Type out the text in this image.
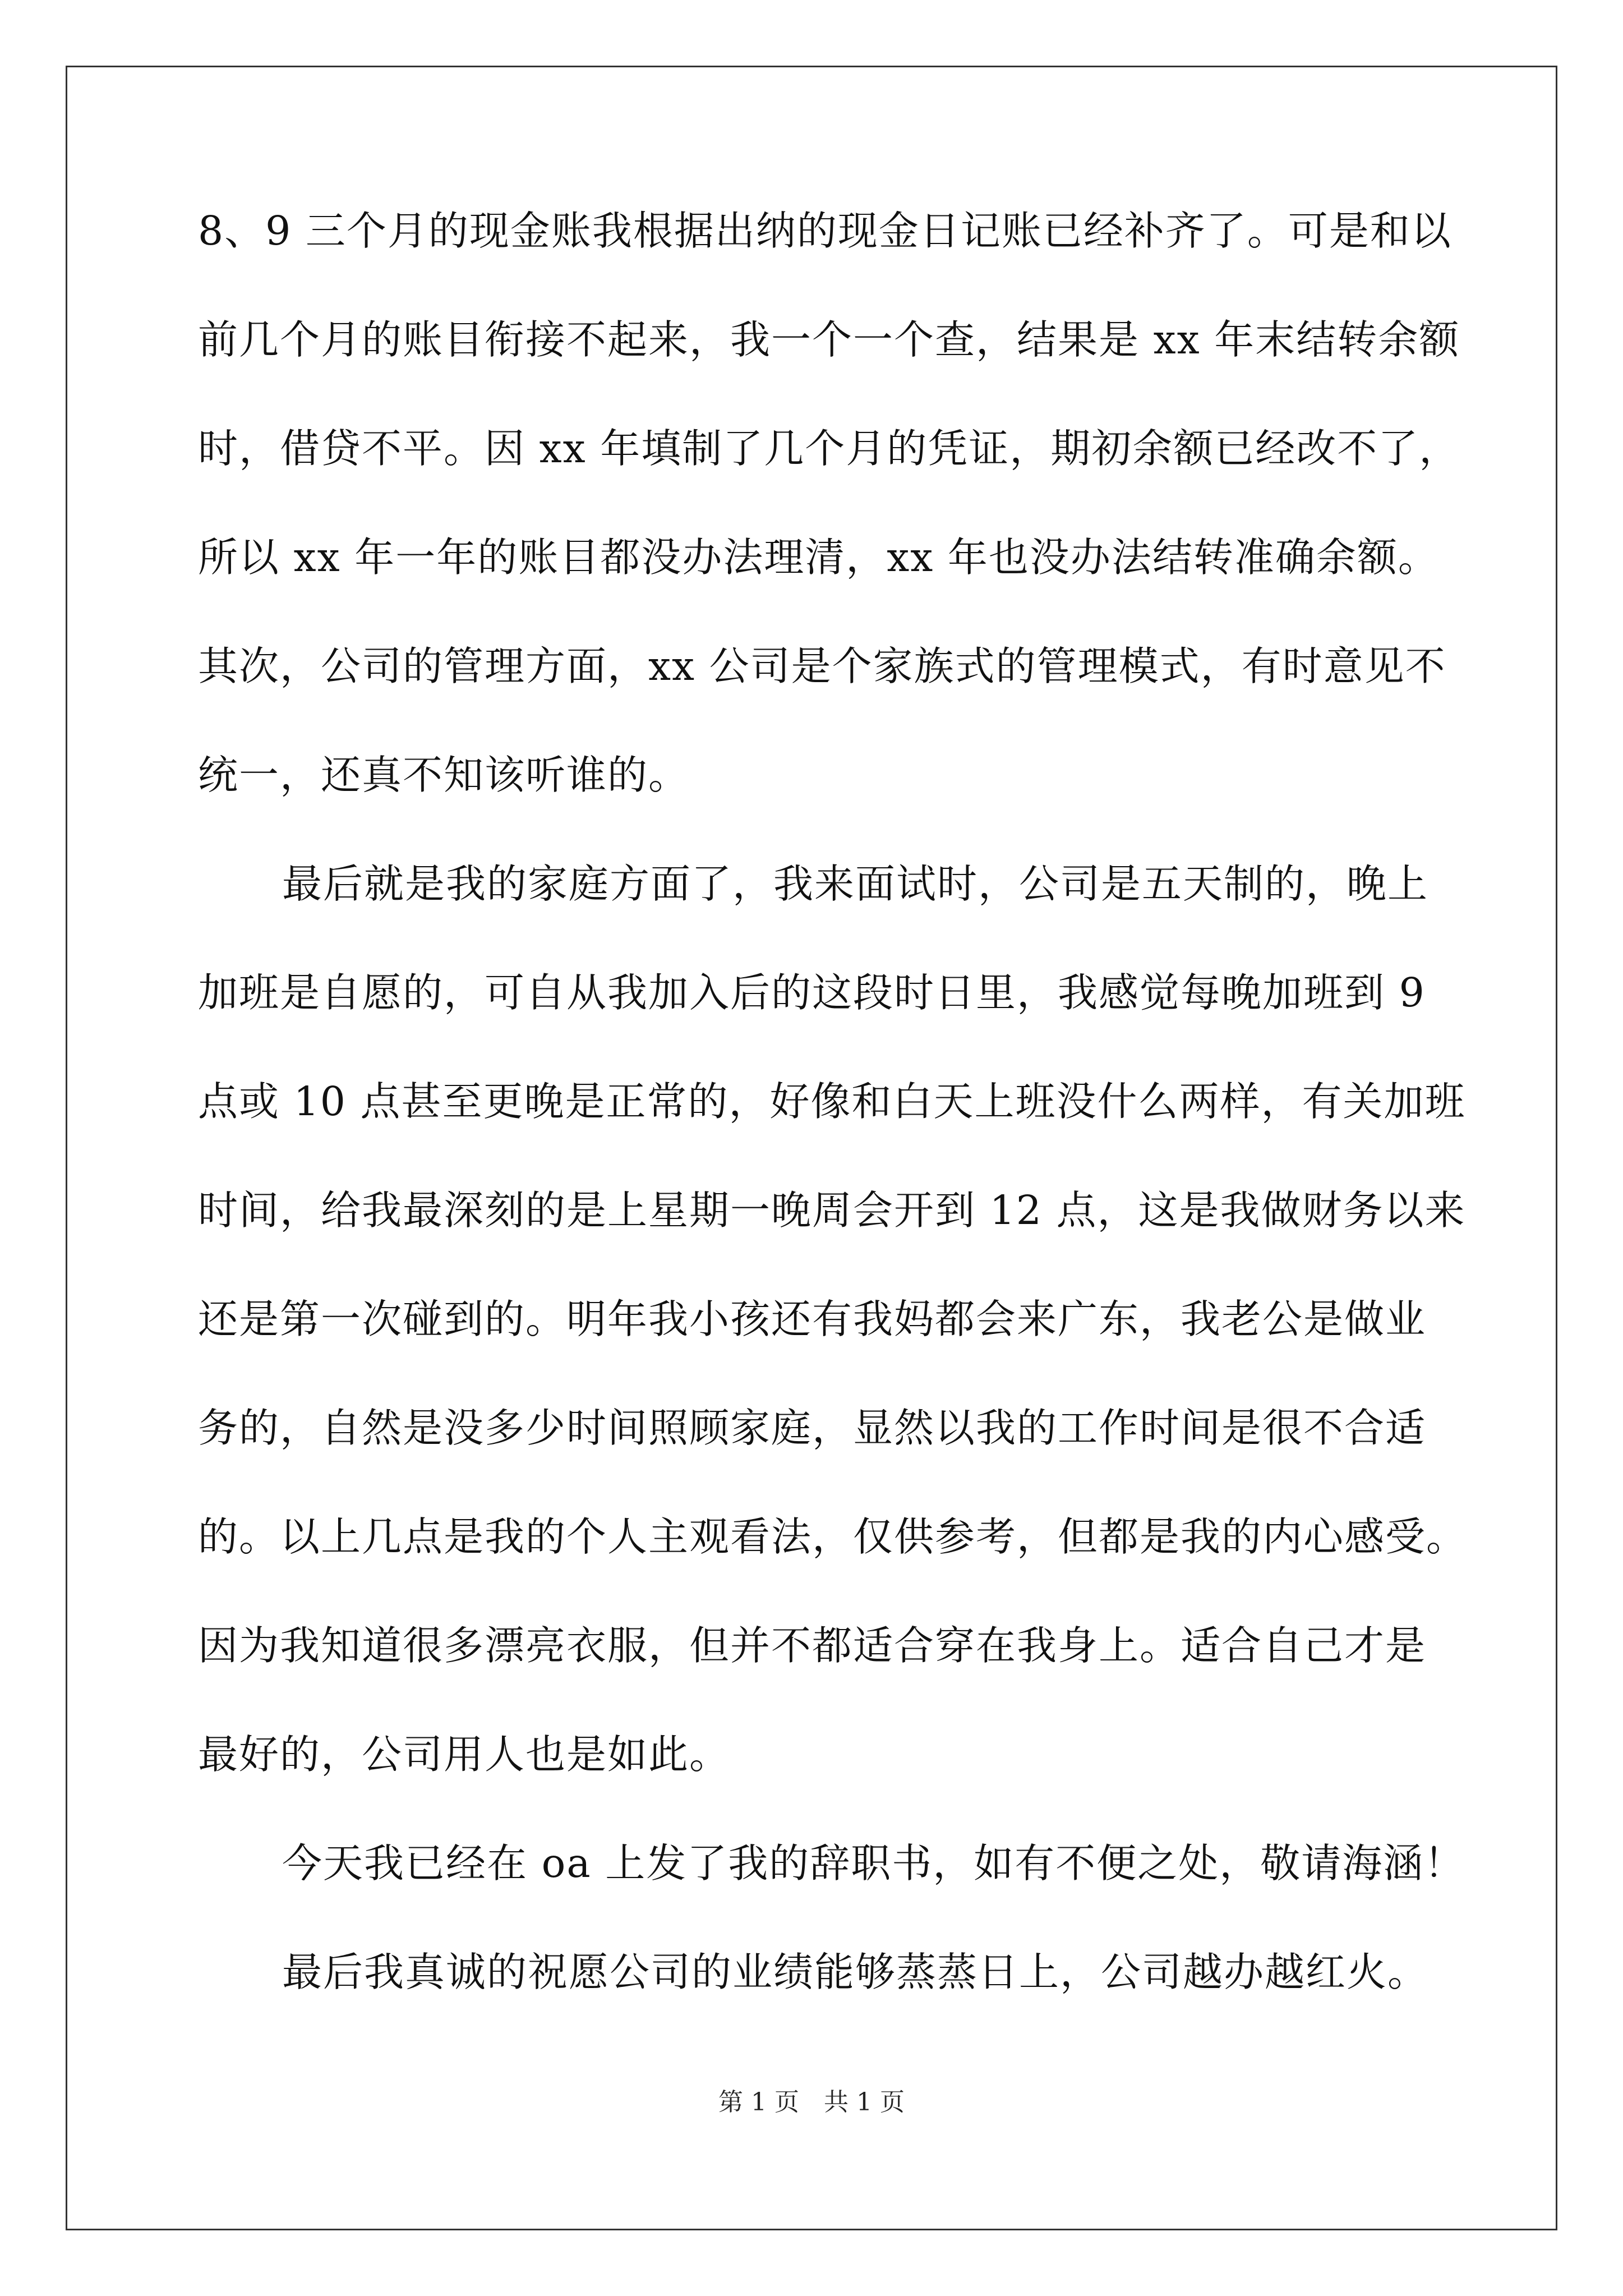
8、9 三个月的现金账我根据出纳的现金日记账已经补齐了。可是和以
前几个月的账目衔接不起来，我一个一个查，结果是 xx 年末结转余额
时，借贷不平。因 xx 年填制了几个月的凭证，期初余额已经改不了，
所以 xx 年一年的账目都没办法理清，xx 年也没办法结转准确余额。
其次，公司的管理方面，xx 公司是个家族式的管理模式，有时意见不
统一，还真不知该听谁的。
最后就是我的家庭方面了，我来面试时，公司是五天制的，晚上
加班是自愿的，可自从我加入后的这段时日里，我感觉每晚加班到 9
点或 10 点甚至更晚是正常的，好像和白天上班没什么两样，有关加班
时间，给我最深刻的是上星期一晚周会开到 12 点，这是我做财务以来
还是第一次碰到的。明年我小孩还有我妈都会来广东，我老公是做业
务的，自然是没多少时间照顾家庭，显然以我的工作时间是很不合适
的。以上几点是我的个人主观看法，仅供参考，但都是我的内心感受。
因为我知道很多漂亮衣服，但并不都适合穿在我身上。适合自己才是
最好的，公司用人也是如此。
今天我已经在 oa 上发了我的辞职书，如有不便之处，敬请海涵！
最后我真诚的祝愿公司的业绩能够蒸蒸日上，公司越办越红火。
第 1 页　共 1 页
